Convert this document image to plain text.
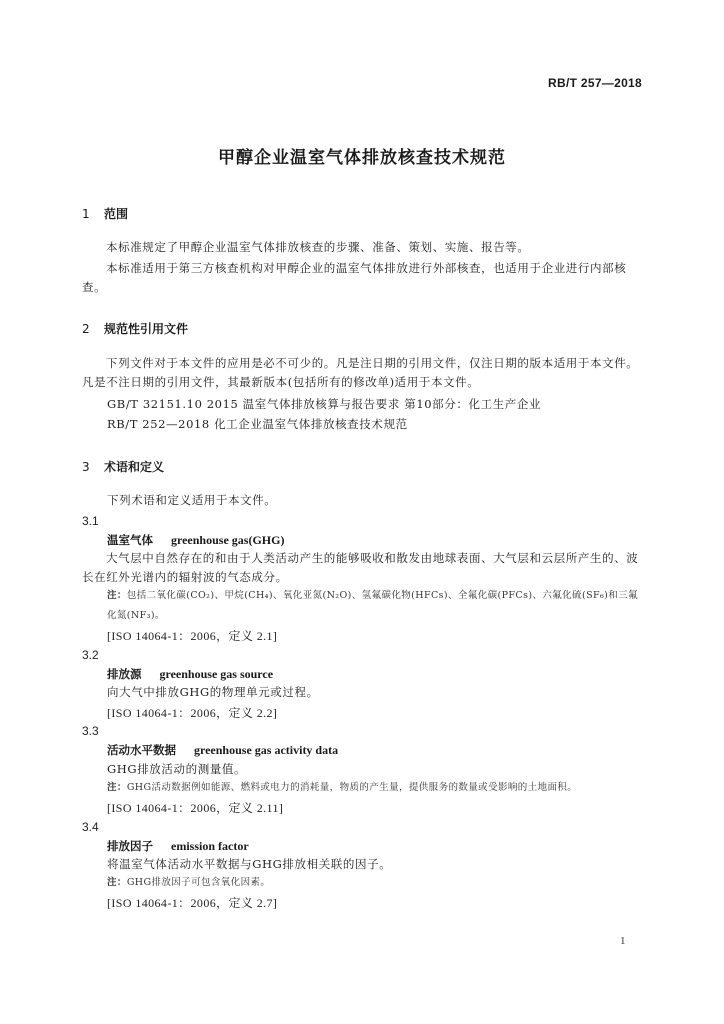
RB/T 257—2018
甲醇企业温室气体排放核查技术规范
1 范围
本标准规定了甲醇企业温室气体排放核查的步骤、准备、策划、实施、报告等。
本标准适用于第三方核查机构对甲醇企业的温室气体排放进行外部核查，也适用于企业进行内部核查。
2 规范性引用文件
下列文件对于本文件的应用是必不可少的。凡是注日期的引用文件，仅注日期的版本适用于本文件。凡是不注日期的引用文件，其最新版本(包括所有的修改单)适用于本文件。
GB/T 32151.10 2015 温室气体排放核算与报告要求 第10部分：化工生产企业
RB/T 252—2018 化工企业温室气体排放核查技术规范
3 术语和定义
下列术语和定义适用于本文件。
3.1
温室气体 greenhouse gas(GHG)
大气层中自然存在的和由于人类活动产生的能够吸收和散发由地球表面、大气层和云层所产生的、波长在红外光谱内的辐射波的气态成分。
注：包括二氧化碳(CO₂)、甲烷(CH₄)、氧化亚氮(N₂O)、氢氟碳化物(HFCs)、全氟化碳(PFCs)、六氟化硫(SF₆)和三氟化氮(NF₃)。
[ISO 14064-1：2006，定义 2.1]
3.2
排放源 greenhouse gas source
向大气中排放GHG的物理单元或过程。
[ISO 14064-1：2006，定义 2.2]
3.3
活动水平数据 greenhouse gas activity data
GHG排放活动的测量值。
注：GHG活动数据例如能源、燃料或电力的消耗量，物质的产生量，提供服务的数量或受影响的土地面积。
[ISO 14064-1：2006，定义 2.11]
3.4
排放因子 emission factor
将温室气体活动水平数据与GHG排放相关联的因子。
注：GHG排放因子可包含氧化因素。
[ISO 14064-1：2006，定义 2.7]
1
